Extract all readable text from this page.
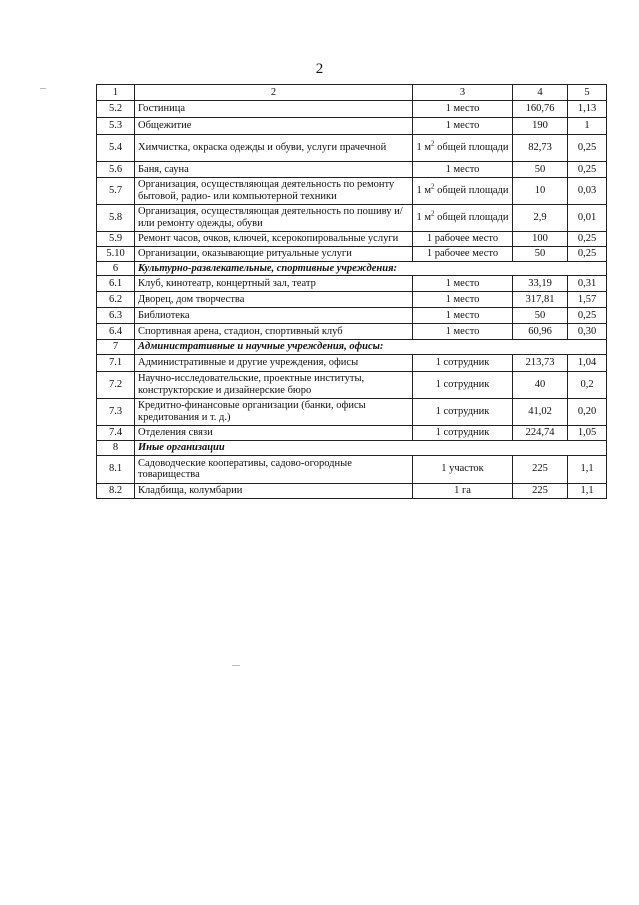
2
1	2	3	4	5
5.2	Гостиница	1 место	160,76	1,13
5.3	Общежитие	1 место	190	1
5.4	Химчистка, окраска одежды и обуви, услуги прачечной	1 $м^2$ общей площади	82,73	0,25
5.6	Баня, сауна	1 место	50	0,25
5.7	Организация, осуществляющая деятельность по ремонту бытовой, радио- или компьютерной техники	1 $м^2$ общей площади	10	0,03
5.8	Организация, осуществляющая деятельность по пошиву и/или ремонту одежды, обуви	1 $м^2$ общей площади	2,9	0,01
5.9	Ремонт часов, очков, ключей, ксерокопировальные услуги	1 рабочее место	100	0,25
5.10	Организации, оказывающие ритуальные услуги	1 рабочее место	50	0,25
6	Культурно-развлекательные, спортивные учреждения:			
6.1	Клуб, кинотеатр, концертный зал, театр	1 место	33,19	0,31
6.2	Дворец, дом творчества	1 место	317,81	1,57
6.3	Библиотека	1 место	50	0,25
6.4	Спортивная арена, стадион, спортивный клуб	1 место	60,96	0,30
7	Административные и научные учреждения, офисы:			
7.1	Административные и другие учреждения, офисы	1 сотрудник	213,73	1,04
7.2	Научно-исследовательские, проектные институты, конструкторские и дизайнерские бюро	1 сотрудник	40	0,2
7.3	Кредитно-финансовые организации (банки, офисы кредитования и т. д.)	1 сотрудник	41,02	0,20
7.4	Отделения связи	1 сотрудник	224,74	1,05
8	Иные организации			
8.1	Садоводческие кооперативы, садово-огородные товарищества	1 участок	225	1,1
8.2	Кладбища, колумбарии	1 га	225	1,1
